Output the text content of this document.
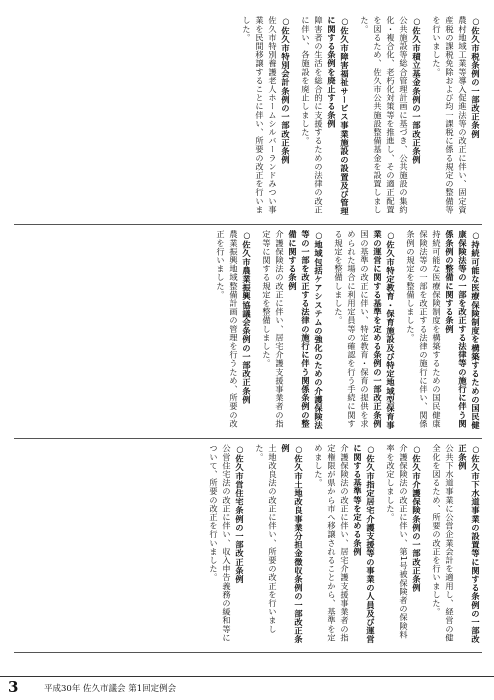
○佐久市税条例の一部改正条例

農村地域工業等導入促進法等の改正に伴い、固定資産税の課税免除および均一課税に係る規定の整備等を行いました。

○佐久市積立基金条例の一部改正条例

公共施設等総合管理計画に基づき、公共施設の集約化・複合化、老朽化対策等を推進し、その適正配置を図るため、佐久市公共施設整備基金を設置しました。

○佐久市障害福祉サービス事業施設の設置及び管理に関する条例を廃止する条例

障害者の生活を総合的に支援するための法律の改正に伴い、各施設を廃止しました。

○佐久市特別会計条例の一部改正条例

佐久市特別養護老人ホームシルバーランドみつい事業を民間移譲することに伴い、所要の改正を行いました。

○持続可能な医療保険制度を構築するための国民健康保険法等の一部を改正する法律等の施行に伴う関係条例の整備に関する条例

持続可能な医療保険制度を構築するための国民健康保険法等の一部を改正する法律の施行に伴い、関係条例の規定を整備しました。

○佐久市特定教育・保育施設及び特定地域型保育事業の運営に関する基準を定める条例の一部改正条例

国の基準の改正に伴い、特定教育・保育の提供を求められた場合に利用定員等の確認を行う手続に関する規定を整備しました。

○地域包括ケアシステムの強化のための介護保険法等の一部を改正する法律の施行に伴う関係条例の整備に関する条例

介護保険法の改正に伴い、居宅介護支援事業者の指定等に関する規定を整備しました。

○佐久市農業振興協議会条例の一部改正条例

農業振興地域整備計画の管理を行うため、所要の改正を行いました。

○佐久市下水道事業の設置等に関する条例の一部改正条例

公共下水道事業に公営企業会計を適用し、経営の健全化を図るため、所要の改正を行いました。

○佐久市介護保険条例の一部改正条例

介護保険法の改正に伴い、第1号被保険者の保険料率を改定しました。

○佐久市指定居宅介護支援等の事業の人員及び運営に関する基準等を定める条例

介護保険法の改正に伴い、居宅介護支援事業者の指定権限が県から市へ移譲されることから、基準を定めました。

○佐久市土地改良事業分担金徴収条例の一部改正条例

土地改良法の改正に伴い、所要の改正を行いました。

○佐久市営住宅条例の一部改正条例

公営住宅法の改正に伴い、収入申告義務の緩和等について、所要の改正を行いました。

3	平成30年 佐久市議会 第1回定例会
